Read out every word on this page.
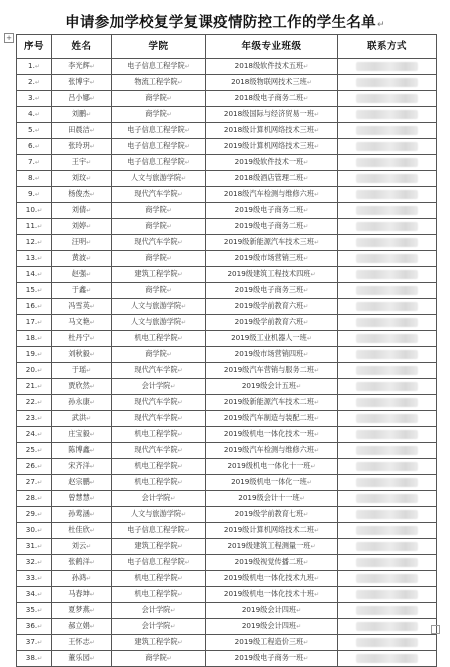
+
申请参加学校复学复课疫情防控工作的学生名单↵
序号	姓名	学院	年级专业班级	联系方式
1.↵	李光辉↵	电子信息工程学院↵	2018级软件技术五班↵	
2.↵	张博宇↵	物流工程学院↵	2018级物联网技术三班↵	
3.↵	吕小娜↵	商学院↵	2018级电子商务二班↵	
4.↵	刘鹏↵	商学院↵	2018级国际与经济贸易一班↵	
5.↵	田晨洁↵	电子信息工程学院↵	2018级计算机网络技术三班↵	
6.↵	张玲玥↵	电子信息工程学院↵	2019级计算机网络技术三班↵	
7.↵	王宇↵	电子信息工程学院↵	2019级软件技术一班↵	
8.↵	刘玟↵	人文与旅游学院↵	2018级酒店管理二班↵	
9.↵	杨俊杰↵	现代汽车学院↵	2018级汽车检测与维修六班↵	
10.↵	刘倩↵	商学院↵	2019级电子商务二班↵	
11.↵	刘婷↵	商学院↵	2019级电子商务二班↵	
12.↵	汪明↵	现代汽车学院↵	2019级新能源汽车技术三班↵	
13.↵	黄波↵	商学院↵	2019级市场营销三班↵	
14.↵	赵强↵	建筑工程学院↵	2019级建筑工程技术四班↵	
15.↵	于鑫↵	商学院↵	2019级电子商务三班↵	
16.↵	冯雪英↵	人文与旅游学院↵	2019级学前教育六班↵	
17.↵	马文艳↵	人文与旅游学院↵	2019级学前教育六班↵	
18.↵	杜丹宁↵	机电工程学院↵	2019级工业机器人一班↵	
19.↵	刘秋毅↵	商学院↵	2019级市场营销四班↵	
20.↵	于瑶↵	现代汽车学院↵	2019级汽车营销与服务二班↵	
21.↵	贾欣然↵	会计学院↵	2019级会计五班↵	
22.↵	孙永康↵	现代汽车学院↵	2019级新能源汽车技术二班↵	
23.↵	武洪↵	现代汽车学院↵	2019级汽车制造与装配二班↵	
24.↵	庄宝毅↵	机电工程学院↵	2019级机电一体化技术一班↵	
25.↵	陈博鑫↵	现代汽车学院↵	2019级汽车检测与维修六班↵	
26.↵	宋齐洋↵	机电工程学院↵	2019级机电一体化十一班↵	
27.↵	赵宗鹏↵	机电工程学院↵	2019级机电一体化一班↵	
28.↵	曾慧慧↵	会计学院↵	2019级会计十一班↵	
29.↵	孙莺涵↵	人文与旅游学院↵	2019级学前教育七班↵	
30.↵	杜佳欣↵	电子信息工程学院↵	2019级计算机网络技术二班↵	
31.↵	刘云↵	建筑工程学院↵	2019级建筑工程测量一班↵	
32.↵	张鹤洋↵	电子信息工程学院↵	2019级视觉传播二班↵	
33.↵	孙鸿↵	机电工程学院↵	2019级机电一体化技术九班↵	
34.↵	马春坤↵	机电工程学院↵	2019级机电一体化技术十班↵	
35.↵	夏梦燕↵	会计学院↵	2019级会计四班↵	
36.↵	郝立娟↵	会计学院↵	2019级会计四班↵	
37.↵	王怀志↵	建筑工程学院↵	2019级工程造价三班↵	
38.↵	董乐园↵	商学院↵	2019级电子商务一班↵	
